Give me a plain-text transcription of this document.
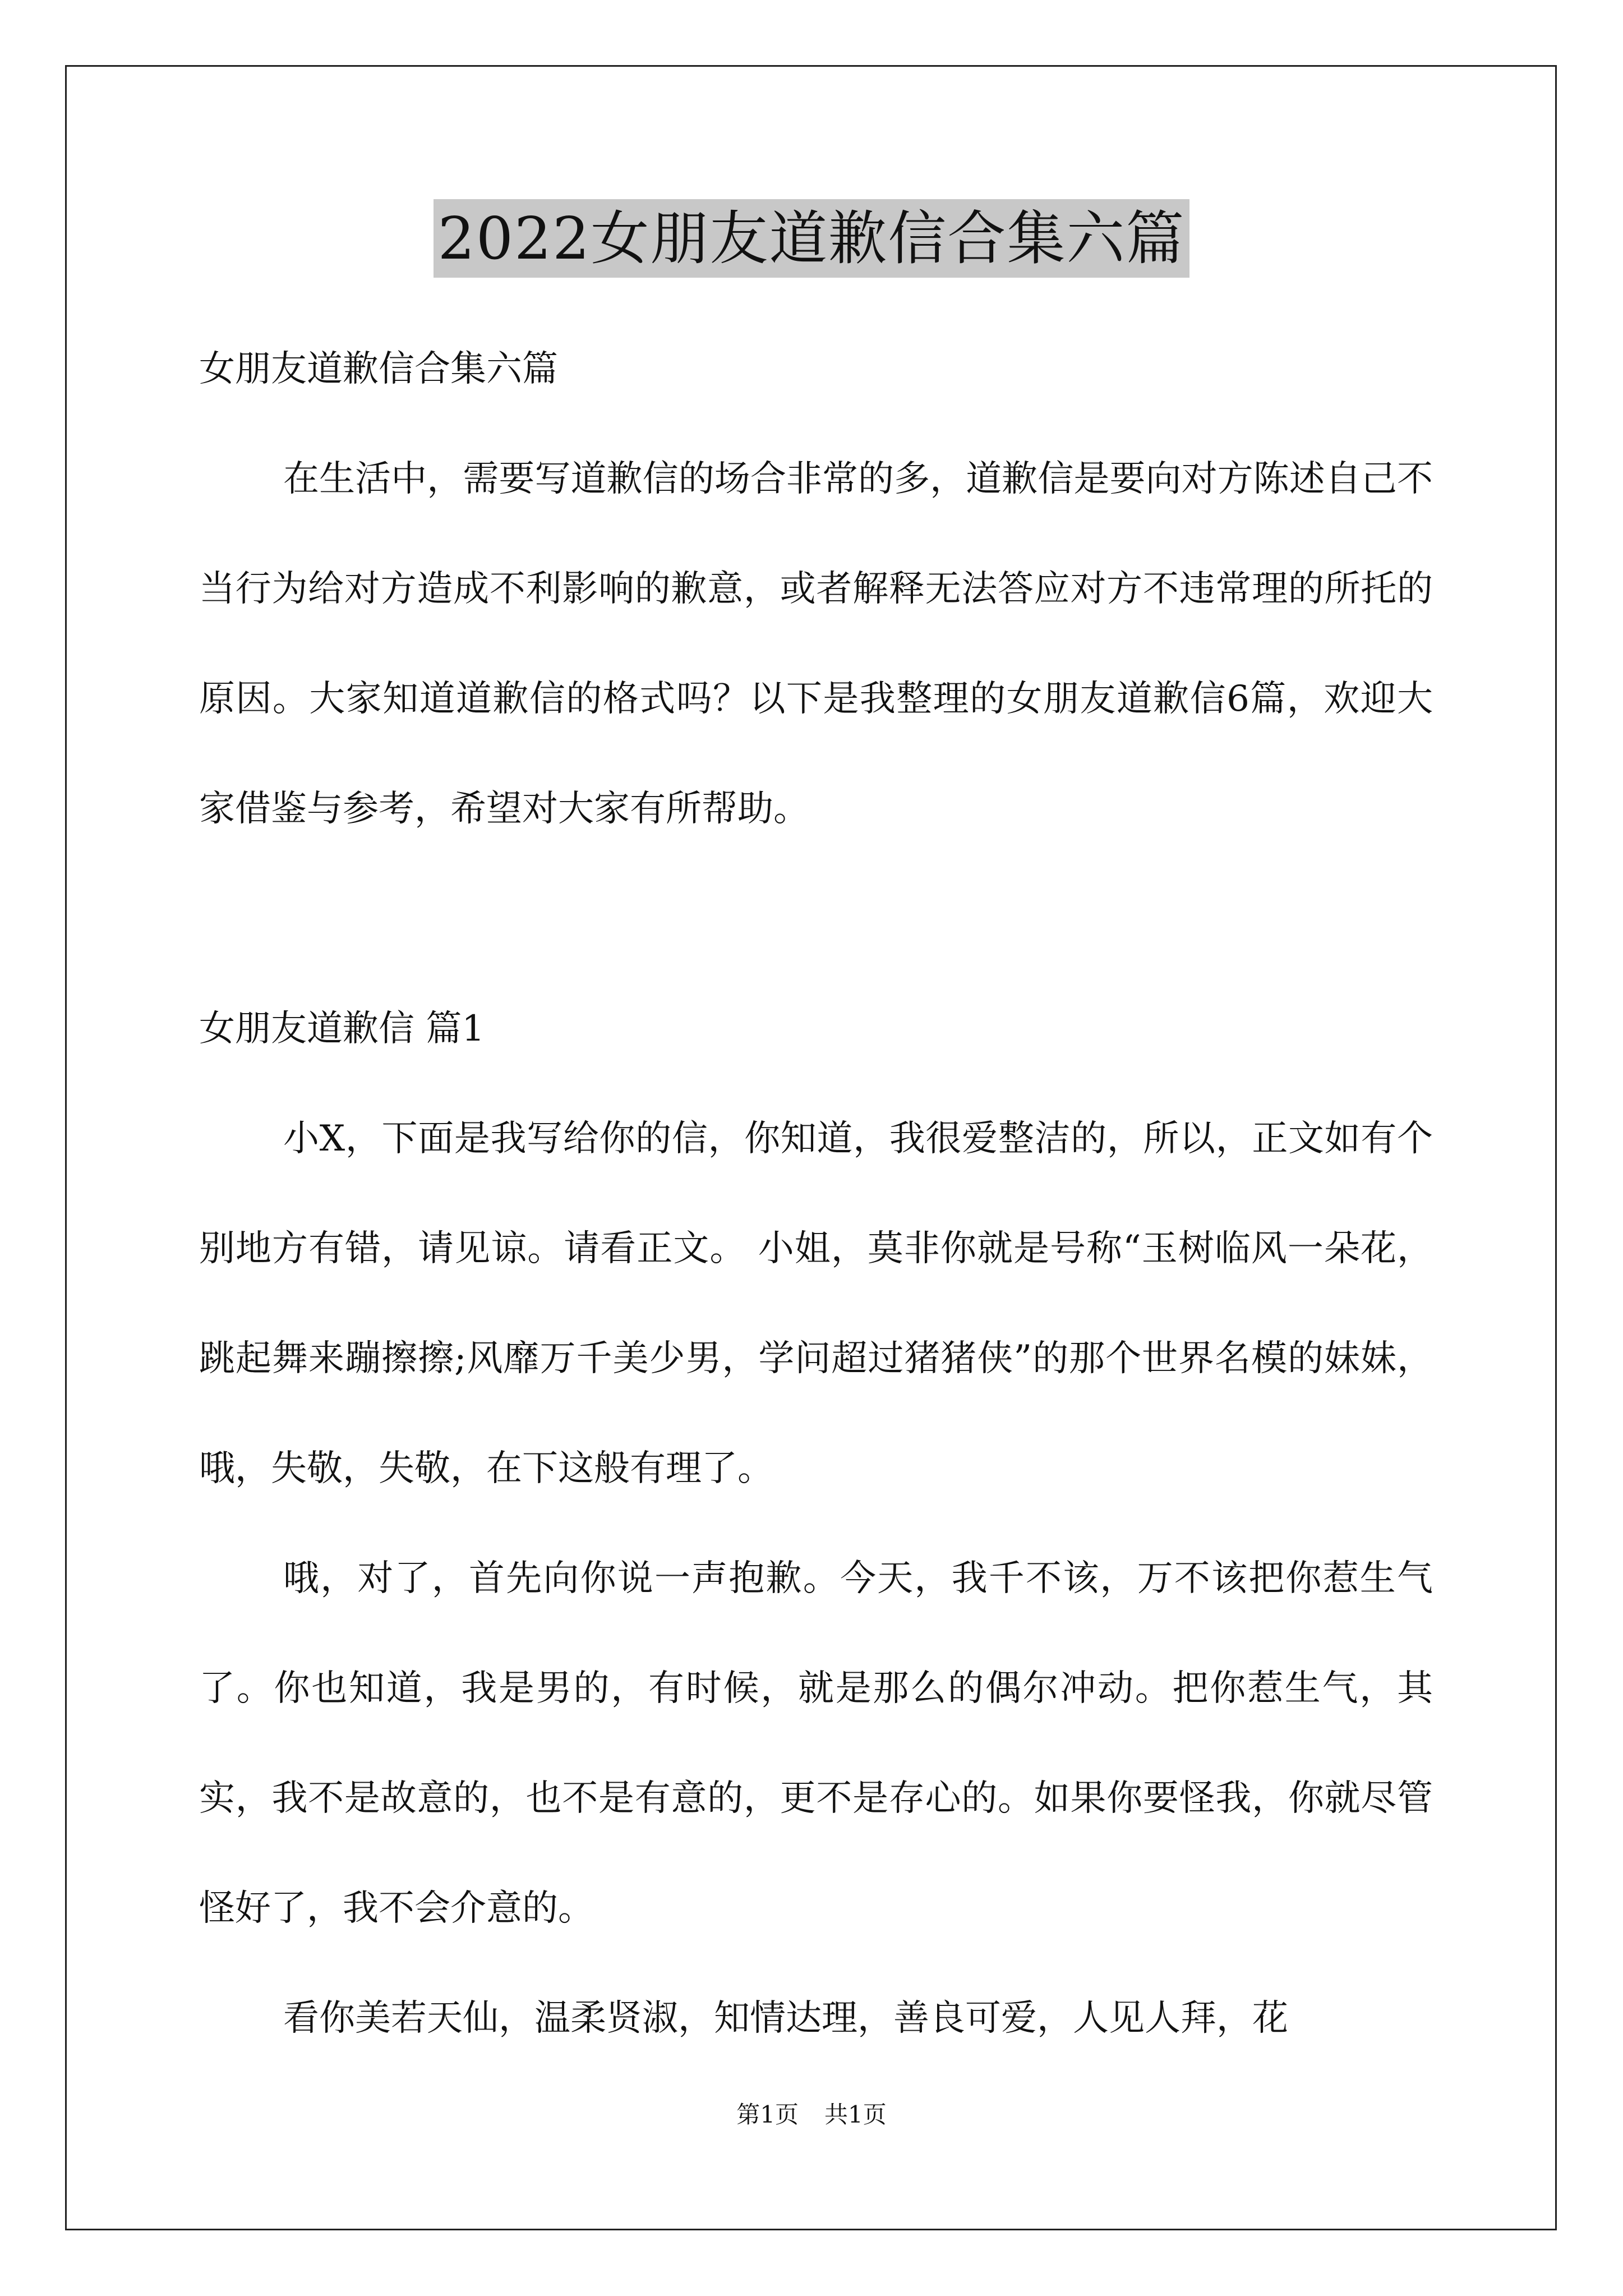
2022女朋友道歉信合集六篇

女朋友道歉信合集六篇

在生活中，需要写道歉信的场合非常的多，道歉信是要向对方陈述自己不当行为给对方造成不利影响的歉意，或者解释无法答应对方不违常理的所托的原因。大家知道道歉信的格式吗？以下是我整理的女朋友道歉信6篇，欢迎大家借鉴与参考，希望对大家有所帮助。

女朋友道歉信 篇1

小X，下面是我写给你的信，你知道，我很爱整洁的，所以，正文如有个别地方有错，请见谅。请看正文。 小姐，莫非你就是号称“玉树临风一朵花，跳起舞来蹦擦擦;风靡万千美少男，学问超过猪猪侠”的那个世界名模的妹妹，哦，失敬，失敬，在下这般有理了。

哦，对了，首先向你说一声抱歉。今天，我千不该，万不该把你惹生气了。你也知道，我是男的，有时候，就是那么的偶尔冲动。把你惹生气，其实，我不是故意的，也不是有意的，更不是存心的。如果你要怪我，你就尽管怪好了，我不会介意的。

看你美若天仙，温柔贤淑，知情达理，善良可爱，人见人拜，花

第1页 共1页
